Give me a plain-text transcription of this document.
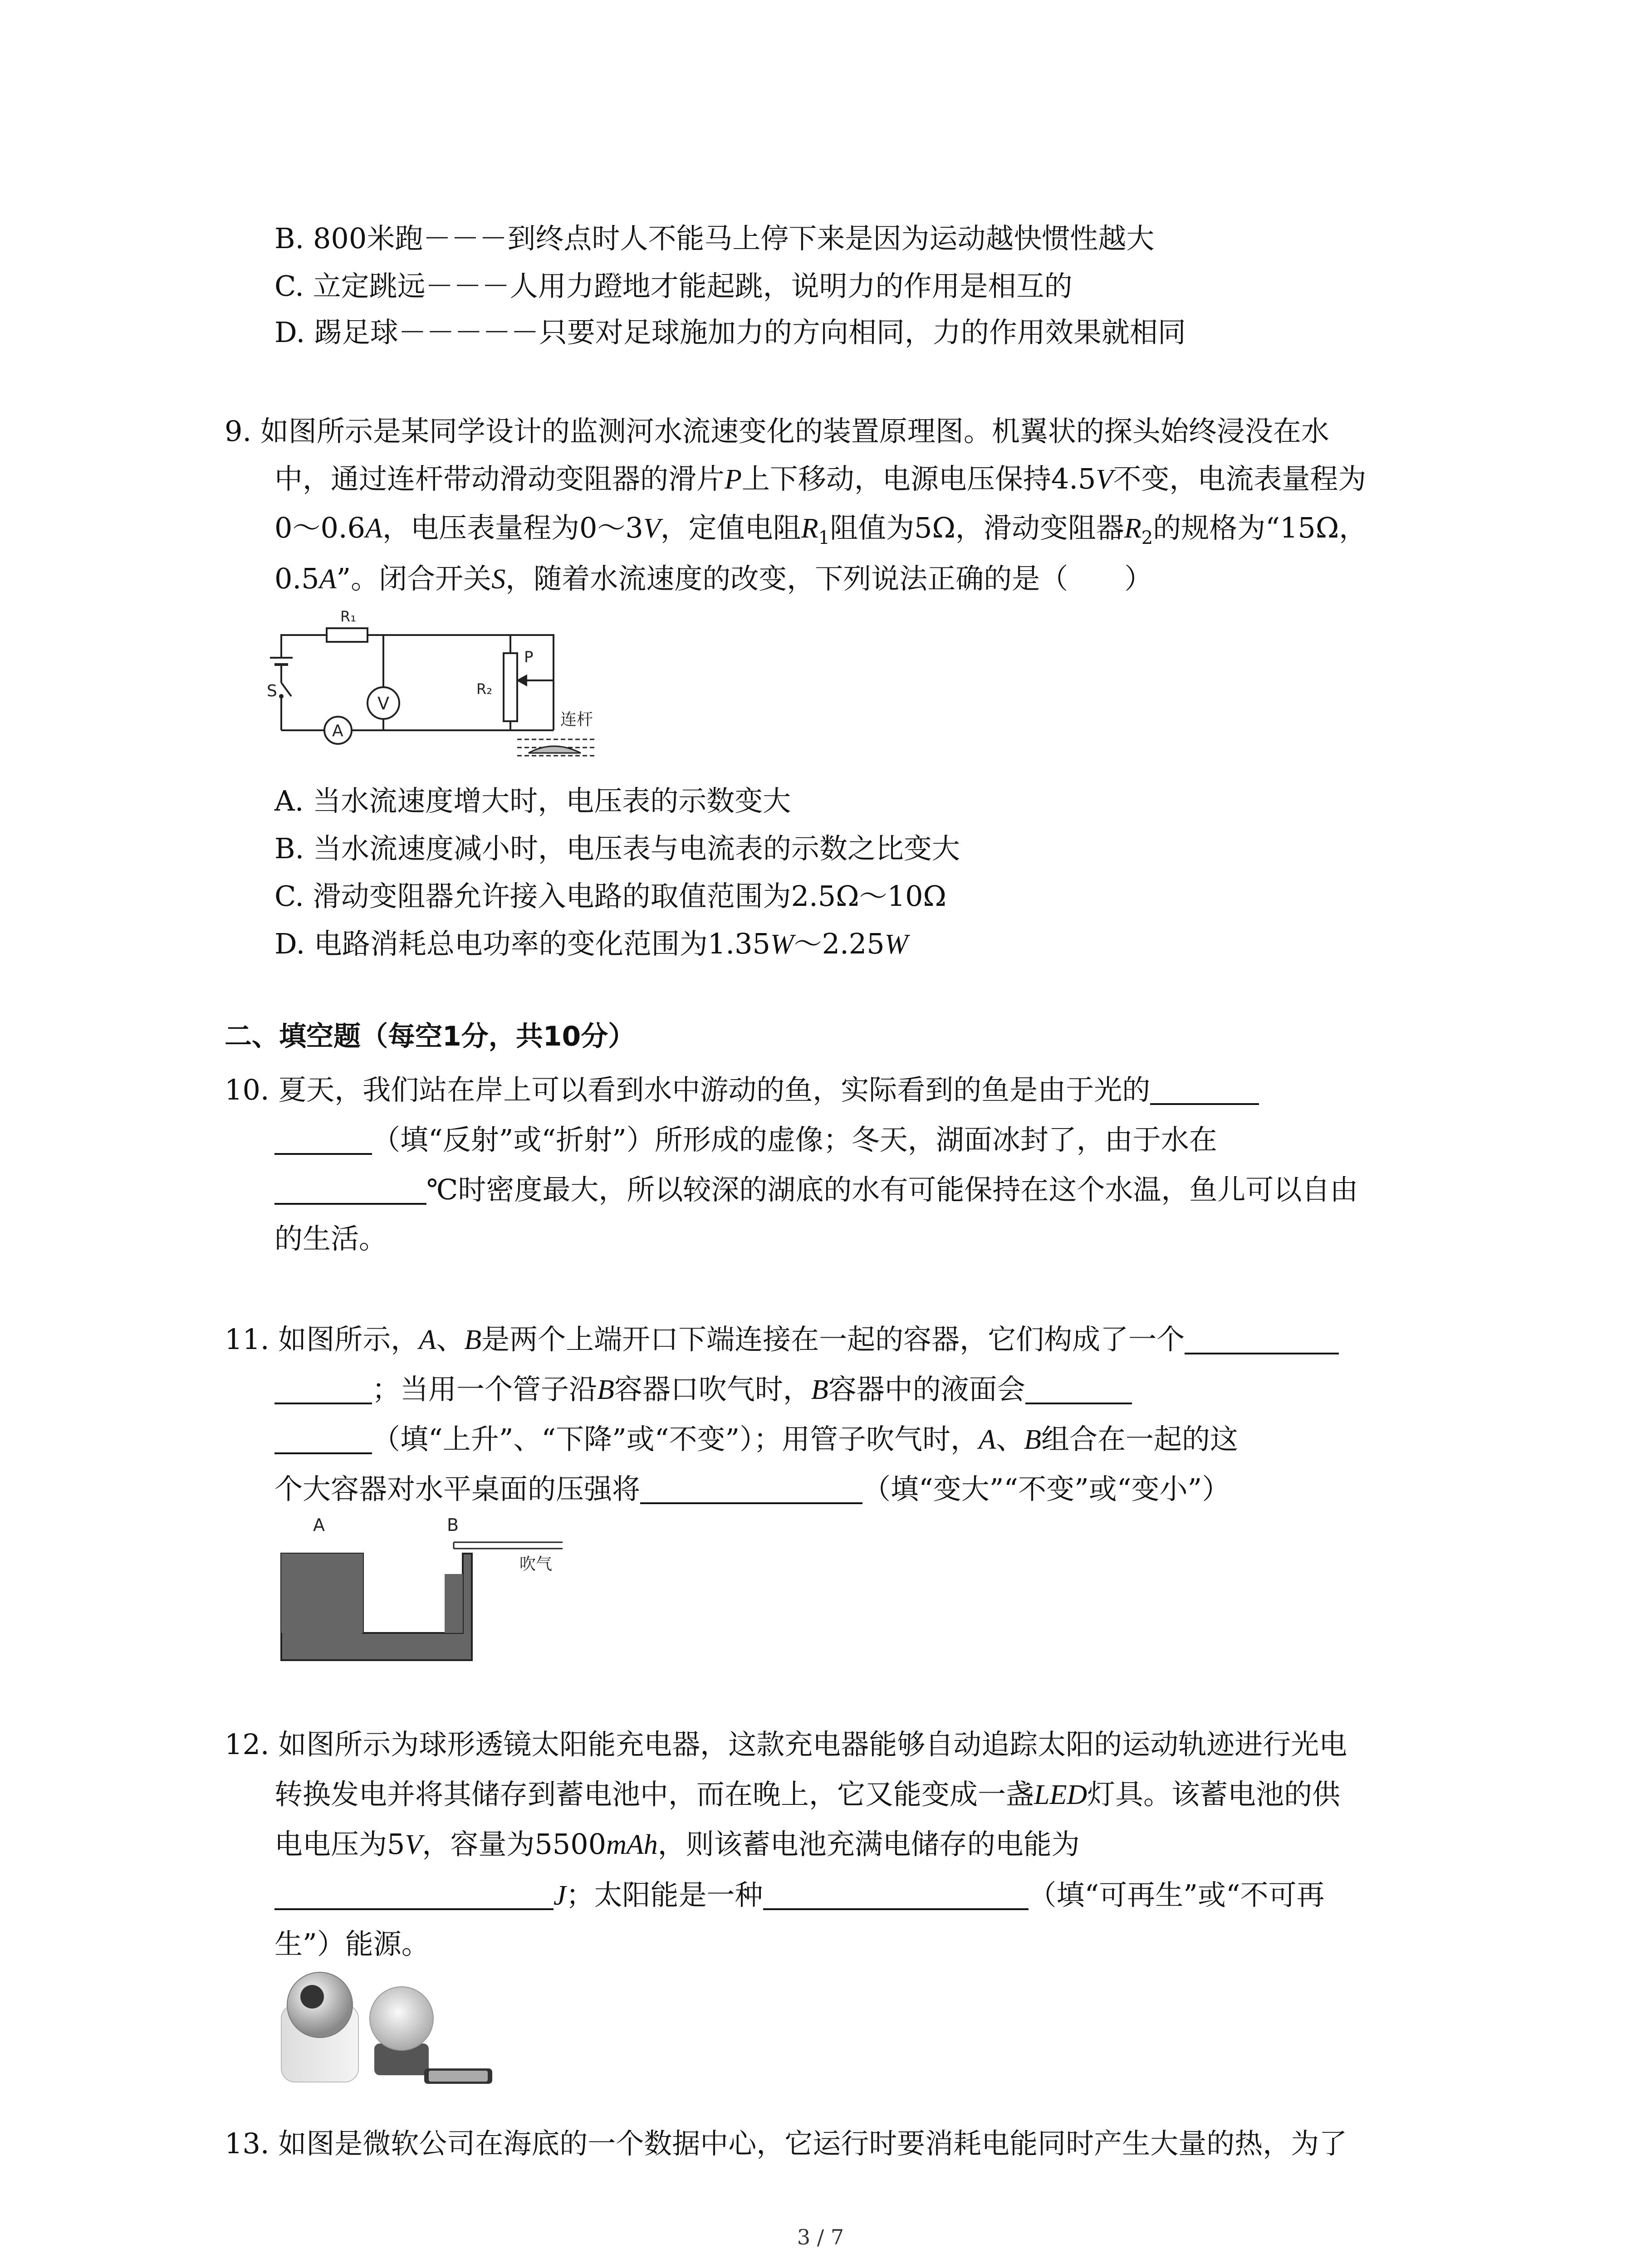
B. 800米跑－－－到终点时人不能马上停下来是因为运动越快惯性越大
C. 立定跳远－－－人用力蹬地才能起跳，说明力的作用是相互的
D. 踢足球－－－－－只要对足球施加力的方向相同，力的作用效果就相同
9. 如图所示是某同学设计的监测河水流速变化的装置原理图。机翼状的探头始终浸没在水
中，通过连杆带动滑动变阻器的滑片P上下移动，电源电压保持4.5V不变，电流表量程为
0～0.6A，电压表量程为0～3V，定值电阻$R_1$阻值为5Ω，滑动变阻器$R_2$的规格为“15Ω，
0.5A”。闭合开关S，随着水流速度的改变，下列说法正确的是（　　）
S
R₁
V
A
R₂
P
连杆
A. 当水流速度增大时，电压表的示数变大
B. 当水流速度减小时，电压表与电流表的示数之比变大
C. 滑动变阻器允许接入电路的取值范围为2.5Ω～10Ω
D. 电路消耗总电功率的变化范围为1.35W～2.25W
二、填空题（每空1分，共10分）
10. 夏天，我们站在岸上可以看到水中游动的鱼，实际看到的鱼是由于光的
（填“反射”或“折射”）所形成的虚像；冬天，湖面冰封了，由于水在
℃时密度最大，所以较深的湖底的水有可能保持在这个水温，鱼儿可以自由
的生活。
11. 如图所示，A、B是两个上端开口下端连接在一起的容器，它们构成了一个
；当用一个管子沿B容器口吹气时，B容器中的液面会
（填“上升”、“下降”或“不变”）；用管子吹气时，A、B组合在一起的这
个大容器对水平桌面的压强将	（填“变大”“不变”或“变小”）
A	B
吹气
12. 如图所示为球形透镜太阳能充电器，这款充电器能够自动追踪太阳的运动轨迹进行光电
转换发电并将其储存到蓄电池中，而在晚上，它又能变成一盏LED灯具。该蓄电池的供
电电压为5V，容量为5500mAh，则该蓄电池充满电储存的电能为
J；太阳能是一种	（填“可再生”或“不可再
生”）能源。
13. 如图是微软公司在海底的一个数据中心，它运行时要消耗电能同时产生大量的热，为了
3 / 7
